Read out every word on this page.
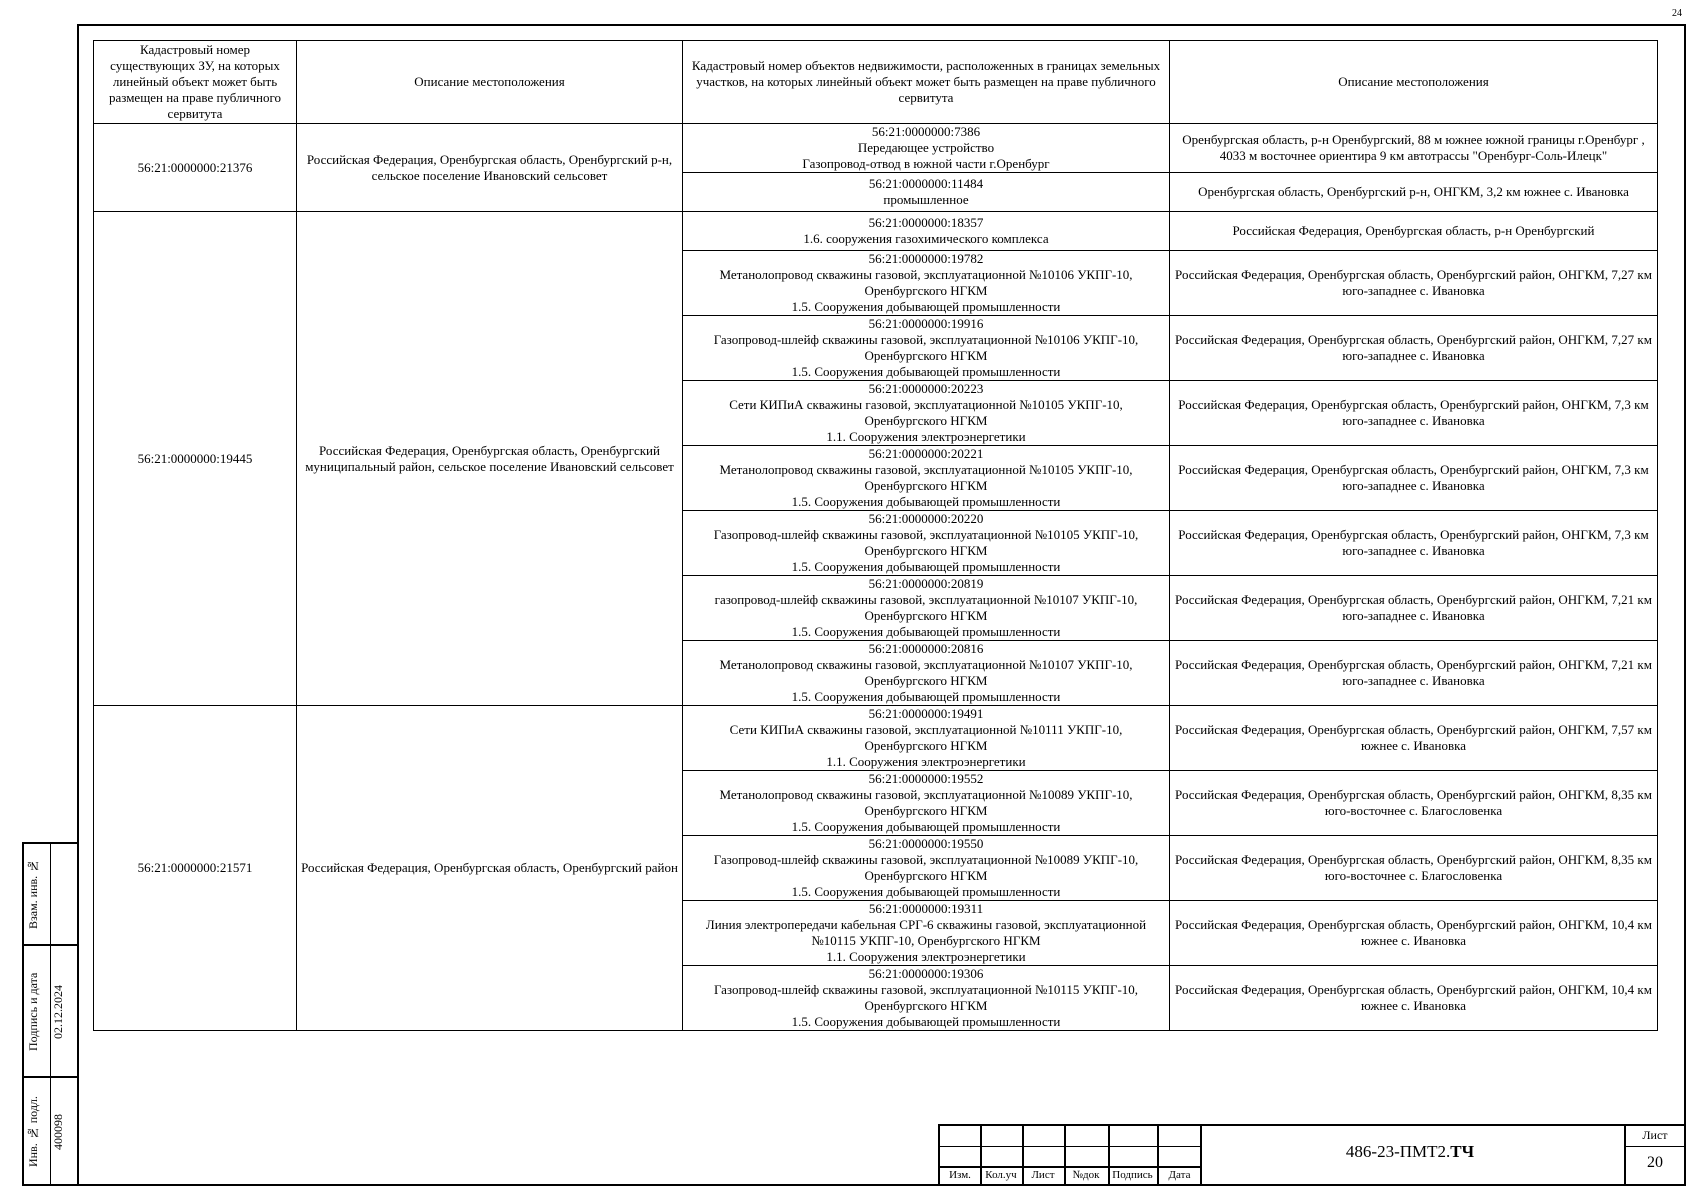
24
Взам. инв. №
Подпись и дата 02.12.2024
Инв. № подл. 400098
Кадастровый номер существующих ЗУ, на которых линейный объект может быть размещен на праве публичного сервитута	Описание местоположения	Кадастровый номер объектов недвижимости, расположенных в границах земельных участков, на которых линейный объект может быть размещен на праве публичного сервитута	Описание местоположения
56:21:0000000:21376	Российская Федерация, Оренбургская область, Оренбургский р-н, сельское поселение Ивановский сельсовет	56:21:0000000:7386
Передающее устройство
Газопровод-отвод в южной части г.Оренбург	Оренбургская область, р-н Оренбургский, 88 м южнее южной границы г.Оренбург , 4033 м восточнее ориентира 9 км автотрассы "Оренбург-Соль-Илецк"

		56:21:0000000:11484
промышленное	Оренбургская область, Оренбургский р-н, ОНГКМ, 3,2 км южнее с. Ивановка
56:21:0000000:19445	Российская Федерация, Оренбургская область, Оренбургский муниципальный район, сельское поселение Ивановский сельсовет	56:21:0000000:18357
1.6. сооружения газохимического комплекса	Российская Федерация, Оренбургская область, р-н Оренбургский

		56:21:0000000:19782
Метанолопровод скважины газовой, эксплуатационной №10106 УКПГ-10, Оренбургского НГКМ
1.5. Сооружения добывающей промышленности	Российская Федерация, Оренбургская область, Оренбургский район, ОНГКМ, 7,27 км юго-западнее с. Ивановка

		56:21:0000000:19916
Газопровод-шлейф скважины газовой, эксплуатационной №10106 УКПГ-10, Оренбургского НГКМ
1.5. Сооружения добывающей промышленности	Российская Федерация, Оренбургская область, Оренбургский район, ОНГКМ, 7,27 км юго-западнее с. Ивановка

		56:21:0000000:20223
Сети КИПиА скважины газовой, эксплуатационной №10105 УКПГ-10, Оренбургского НГКМ
1.1. Сооружения электроэнергетики	Российская Федерация, Оренбургская область, Оренбургский район, ОНГКМ, 7,3 км юго-западнее с. Ивановка

		56:21:0000000:20221
Метанолопровод скважины газовой, эксплуатационной №10105 УКПГ-10, Оренбургского НГКМ
1.5. Сооружения добывающей промышленности	Российская Федерация, Оренбургская область, Оренбургский район, ОНГКМ, 7,3 км юго-западнее с. Ивановка

		56:21:0000000:20220
Газопровод-шлейф скважины газовой, эксплуатационной №10105 УКПГ-10, Оренбургского НГКМ
1.5. Сооружения добывающей промышленности	Российская Федерация, Оренбургская область, Оренбургский район, ОНГКМ, 7,3 км юго-западнее с. Ивановка

		56:21:0000000:20819
газопровод-шлейф скважины газовой, эксплуатационной №10107 УКПГ-10, Оренбургского НГКМ
1.5. Сооружения добывающей промышленности	Российская Федерация, Оренбургская область, Оренбургский район, ОНГКМ, 7,21 км юго-западнее с. Ивановка

		56:21:0000000:20816
Метанолопровод скважины газовой, эксплуатационной №10107 УКПГ-10, Оренбургского НГКМ
1.5. Сооружения добывающей промышленности	Российская Федерация, Оренбургская область, Оренбургский район, ОНГКМ, 7,21 км юго-западнее с. Ивановка
56:21:0000000:21571	Российская Федерация, Оренбургская область, Оренбургский район	56:21:0000000:19491
Сети КИПиА скважины газовой, эксплуатационной №10111 УКПГ-10, Оренбургского НГКМ
1.1. Сооружения электроэнергетики	Российская Федерация, Оренбургская область, Оренбургский район, ОНГКМ, 7,57 км южнее с. Ивановка

		56:21:0000000:19552
Метанолопровод скважины газовой, эксплуатационной №10089 УКПГ-10, Оренбургского НГКМ
1.5. Сооружения добывающей промышленности	Российская Федерация, Оренбургская область, Оренбургский район, ОНГКМ, 8,35 км юго-восточнее с. Благословенка

		56:21:0000000:19550
Газопровод-шлейф скважины газовой, эксплуатационной №10089 УКПГ-10, Оренбургского НГКМ
1.5. Сооружения добывающей промышленности	Российская Федерация, Оренбургская область, Оренбургский район, ОНГКМ, 8,35 км юго-восточнее с. Благословенка

		56:21:0000000:19311
Линия электропередачи кабельная СРГ-6 скважины газовой, эксплуатационной №10115 УКПГ-10, Оренбургского НГКМ
1.1. Сооружения электроэнергетики	Российская Федерация, Оренбургская область, Оренбургский район, ОНГКМ, 10,4 км южнее с. Ивановка

		56:21:0000000:19306
Газопровод-шлейф скважины газовой, эксплуатационной №10115 УКПГ-10, Оренбургского НГКМ
1.5. Сооружения добывающей промышленности	Российская Федерация, Оренбургская область, Оренбургский район, ОНГКМ, 10,4 км южнее с. Ивановка
Изм.	Кол.уч	Лист	№док	Подпись	Дата
486-23-ПМТ2.ТЧ
Лист
20
